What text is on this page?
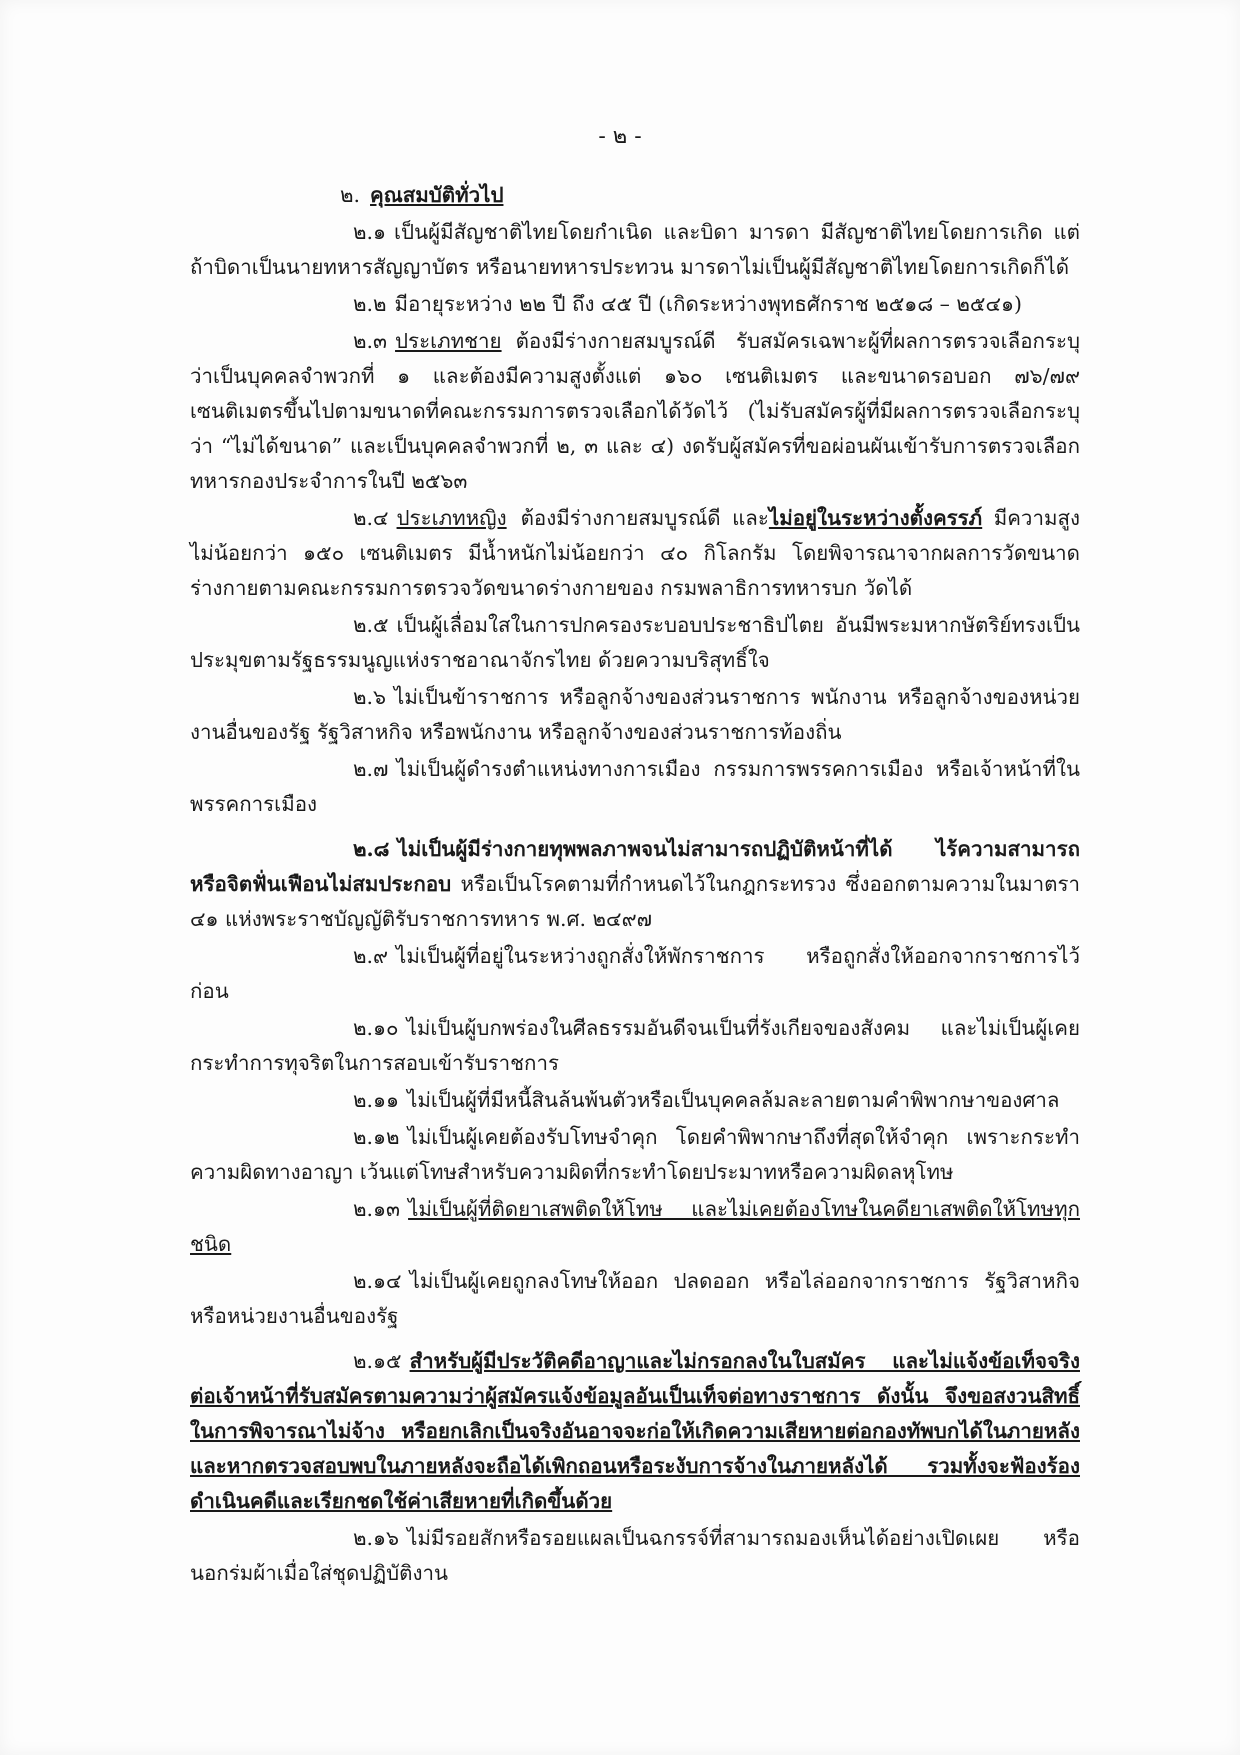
- ๒ -
๒. คุณสมบัติทั่วไป

๒.๑ เป็นผู้มีสัญชาติไทยโดยกำเนิด และบิดา มารดา มีสัญชาติไทยโดยการเกิด แต่ถ้าบิดาเป็นนายทหารสัญญาบัตร หรือนายทหารประทวน มารดาไม่เป็นผู้มีสัญชาติไทยโดยการเกิดก็ได้

๒.๒ มีอายุระหว่าง ๒๒ ปี ถึง ๔๕ ปี (เกิดระหว่างพุทธศักราช ๒๕๑๘ – ๒๕๔๑)

๒.๓ ประเภทชาย ต้องมีร่างกายสมบูรณ์ดี รับสมัครเฉพาะผู้ที่ผลการตรวจเลือกระบุว่าเป็นบุคคลจำพวกที่ ๑ และต้องมีความสูงตั้งแต่ ๑๖๐ เซนติเมตร และขนาดรอบอก ๗๖/๗๙ เซนติเมตรขึ้นไปตามขนาดที่คณะกรรมการตรวจเลือกได้วัดไว้ (ไม่รับสมัครผู้ที่มีผลการตรวจเลือกระบุว่า “ไม่ได้ขนาด” และเป็นบุคคลจำพวกที่ ๒, ๓ และ ๔) งดรับผู้สมัครที่ขอผ่อนผันเข้ารับการตรวจเลือกทหารกองประจำการในปี ๒๕๖๓

๒.๔ ประเภทหญิง ต้องมีร่างกายสมบูรณ์ดี และไม่อยู่ในระหว่างตั้งครรภ์ มีความสูงไม่น้อยกว่า ๑๕๐ เซนติเมตร มีน้ำหนักไม่น้อยกว่า ๔๐ กิโลกรัม โดยพิจารณาจากผลการวัดขนาดร่างกายตามคณะกรรมการตรวจวัดขนาดร่างกายของ กรมพลาธิการทหารบก วัดได้

๒.๕ เป็นผู้เลื่อมใสในการปกครองระบอบประชาธิปไตย อันมีพระมหากษัตริย์ทรงเป็นประมุขตามรัฐธรรมนูญแห่งราชอาณาจักรไทย ด้วยความบริสุทธิ์ใจ

๒.๖ ไม่เป็นข้าราชการ หรือลูกจ้างของส่วนราชการ พนักงาน หรือลูกจ้างของหน่วยงานอื่นของรัฐ รัฐวิสาหกิจ หรือพนักงาน หรือลูกจ้างของส่วนราชการท้องถิ่น

๒.๗ ไม่เป็นผู้ดำรงตำแหน่งทางการเมือง กรรมการพรรคการเมือง หรือเจ้าหน้าที่ในพรรคการเมือง

๒.๘ ไม่เป็นผู้มีร่างกายทุพพลภาพจนไม่สามารถปฏิบัติหน้าที่ได้ ไร้ความสามารถหรือจิตฟั่นเฟือนไม่สมประกอบ หรือเป็นโรคตามที่กำหนดไว้ในกฎกระทรวง ซึ่งออกตามความในมาตรา ๔๑ แห่งพระราชบัญญัติรับราชการทหาร พ.ศ. ๒๔๙๗

๒.๙ ไม่เป็นผู้ที่อยู่ในระหว่างถูกสั่งให้พักราชการ หรือถูกสั่งให้ออกจากราชการไว้ก่อน

๒.๑๐ ไม่เป็นผู้บกพร่องในศีลธรรมอันดีจนเป็นที่รังเกียจของสังคม และไม่เป็นผู้เคยกระทำการทุจริตในการสอบเข้ารับราชการ

๒.๑๑ ไม่เป็นผู้ที่มีหนี้สินล้นพ้นตัวหรือเป็นบุคคลล้มละลายตามคำพิพากษาของศาล

๒.๑๒ ไม่เป็นผู้เคยต้องรับโทษจำคุก โดยคำพิพากษาถึงที่สุดให้จำคุก เพราะกระทำความผิดทางอาญา เว้นแต่โทษสำหรับความผิดที่กระทำโดยประมาทหรือความผิดลหุโทษ

๒.๑๓ ไม่เป็นผู้ที่ติดยาเสพติดให้โทษ และไม่เคยต้องโทษในคดียาเสพติดให้โทษทุกชนิด

๒.๑๔ ไม่เป็นผู้เคยถูกลงโทษให้ออก ปลดออก หรือไล่ออกจากราชการ รัฐวิสาหกิจ หรือหน่วยงานอื่นของรัฐ

๒.๑๕ สำหรับผู้มีประวัติคดีอาญาและไม่กรอกลงในใบสมัคร และไม่แจ้งข้อเท็จจริงต่อเจ้าหน้าที่รับสมัครตามความว่าผู้สมัครแจ้งข้อมูลอันเป็นเท็จต่อทางราชการ ดังนั้น จึงขอสงวนสิทธิ์ในการพิจารณาไม่จ้าง หรือยกเลิกเป็นจริงอันอาจจะก่อให้เกิดความเสียหายต่อกองทัพบกได้ในภายหลังและหากตรวจสอบพบในภายหลังจะถือได้เพิกถอนหรือระงับการจ้างในภายหลังได้ รวมทั้งจะฟ้องร้องดำเนินคดีและเรียกชดใช้ค่าเสียหายที่เกิดขึ้นด้วย

๒.๑๖ ไม่มีรอยสักหรือรอยแผลเป็นฉกรรจ์ที่สามารถมองเห็นได้อย่างเปิดเผย หรือนอกร่มผ้าเมื่อใส่ชุดปฏิบัติงาน
